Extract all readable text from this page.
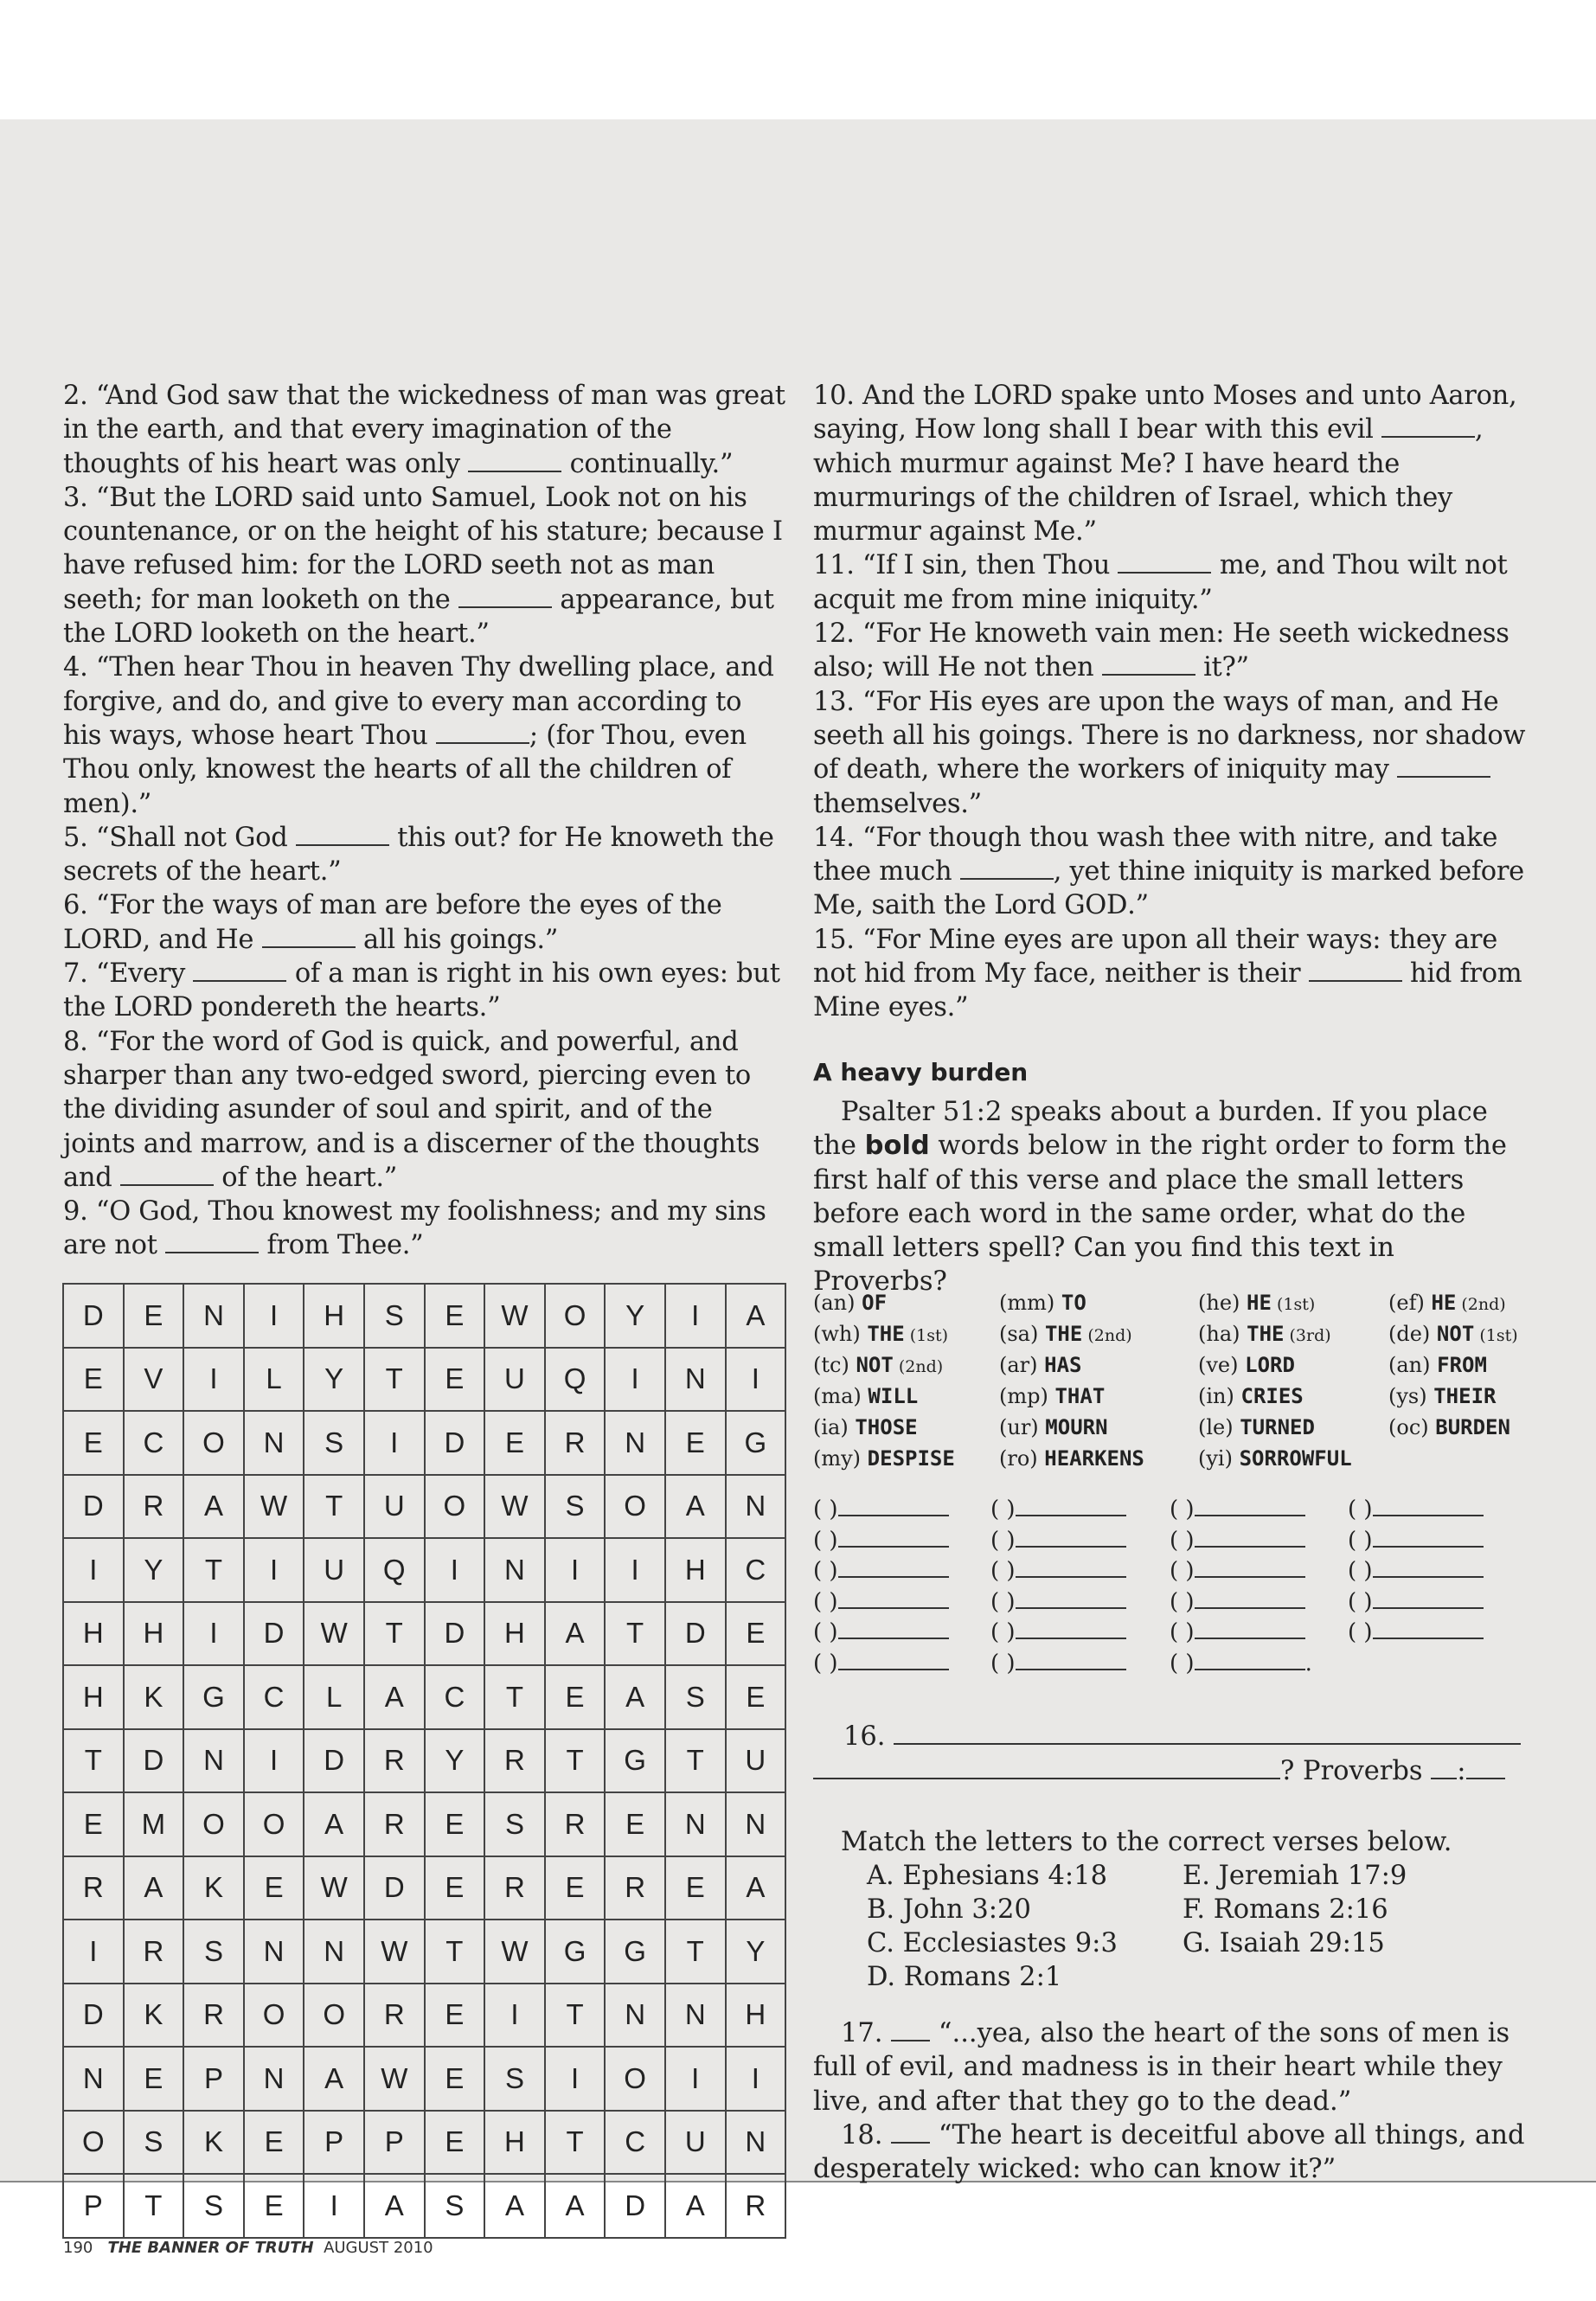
2. “And God saw that the wickedness of man was great in the earth, and that every imagination of the thoughts of his heart was only	continually.”

3. “But the LORD said unto Samuel, Look not on his countenance, or on the height of his stature; because I have refused him: for the LORD seeth not as man seeth; for man looketh on the	appearance, but the LORD looketh on the heart.”

4. “Then hear Thou in heaven Thy dwelling place, and forgive, and do, and give to every man according to his ways, whose heart Thou	; (for Thou, even Thou only, knowest the hearts of all the children of men).”

5. “Shall not God	this out? for He knoweth the secrets of the heart.”

6. “For the ways of man are before the eyes of the LORD, and He	all his goings.”

7. “Every	of a man is right in his own eyes: but the LORD pondereth the hearts.”

8. “For the word of God is quick, and powerful, and sharper than any two-edged sword, piercing even to the dividing asunder of soul and spirit, and of the joints and marrow, and is a discerner of the thoughts and	of the heart.”

9. “O God, Thou knowest my foolishness; and my sins are not	from Thee.”

10. And the LORD spake unto Moses and unto Aaron, saying, How long shall I bear with this evil	, which murmur against Me? I have heard the murmurings of the children of Israel, which they murmur against Me.”

11. “If I sin, then Thou	me, and Thou wilt not acquit me from mine iniquity.”

12. “For He knoweth vain men: He seeth wickedness also; will He not then	it?”

13. “For His eyes are upon the ways of man, and He seeth all his goings. There is no darkness, nor shadow of death, where the workers of iniquity may  themselves.”

14. “For though thou wash thee with nitre, and take thee much	, yet thine iniquity is marked before Me, saith the Lord GOD.”

15. “For Mine eyes are upon all their ways: they are not hid from My face, neither is their	hid from Mine eyes.”

D	E	N	I	H	S	E	W	O	Y	I	A
E	V	I	L	Y	T	E	U	Q	I	N	I
E	C	O	N	S	I	D	E	R	N	E	G
D	R	A	W	T	U	O	W	S	O	A	N
I	Y	T	I	U	Q	I	N	I	I	H	C
H	H	I	D	W	T	D	H	A	T	D	E
H	K	G	C	L	A	C	T	E	A	S	E
T	D	N	I	D	R	Y	R	T	G	T	U
E	M	O	O	A	R	E	S	R	E	N	N
R	A	K	E	W	D	E	R	E	R	E	A
I	R	S	N	N	W	T	W	G	G	T	Y
D	K	R	O	O	R	E	I	T	N	N	H
N	E	P	N	A	W	E	S	I	O	I	I
O	S	K	E	P	P	E	H	T	C	U	N
P	T	S	E	I	A	S	A	A	D	A	R
A heavy burden
Psalter 51:2 speaks about a burden. If you place the bold words below in the right order to form the first half of this verse and place the small letters before each word in the same order, what do the small letters spell? Can you find this text in Proverbs?
(an) OF	(mm) TO	(he) HE (1st)	(ef) HE (2nd)
(wh) THE (1st) (sa) THE (2nd)	(ha) THE (3rd)	(de) NOT (1st)
(tc) NOT (2nd)	(ar) HAS	(ve) LORD	(an) FROM
(ma) WILL	(mp) THAT	(in) CRIES	(ys) THEIR
(ia) THOSE	(ur) MOURN	(le) TURNED	(oc) BURDEN
(my) DESPISE (ro) HEARKENS	(yi) SORROWFUL
( )	( )	( )	( )
( )	( )	( )	( )
( )	( )	( )	( )
( )	( )	( )	( )
( )	( )	( )	( )
( )	( )	( )	.
16.
? Proverbs :
Match the letters to the correct verses below.
A. Ephesians 4:18	E. Jeremiah 17:9
B. John 3:20	F. Romans 2:16
C. Ecclesiastes 9:3 G. Isaiah 29:15
D. Romans 2:1
17.  “...yea, also the heart of the sons of men is full of evil, and madness is in their heart while they live, and after that they go to the dead.”
18.  “The heart is deceitful above all things, and desperately wicked: who can know it?”
190 THE BANNER OF TRUTH AUGUST 2010
